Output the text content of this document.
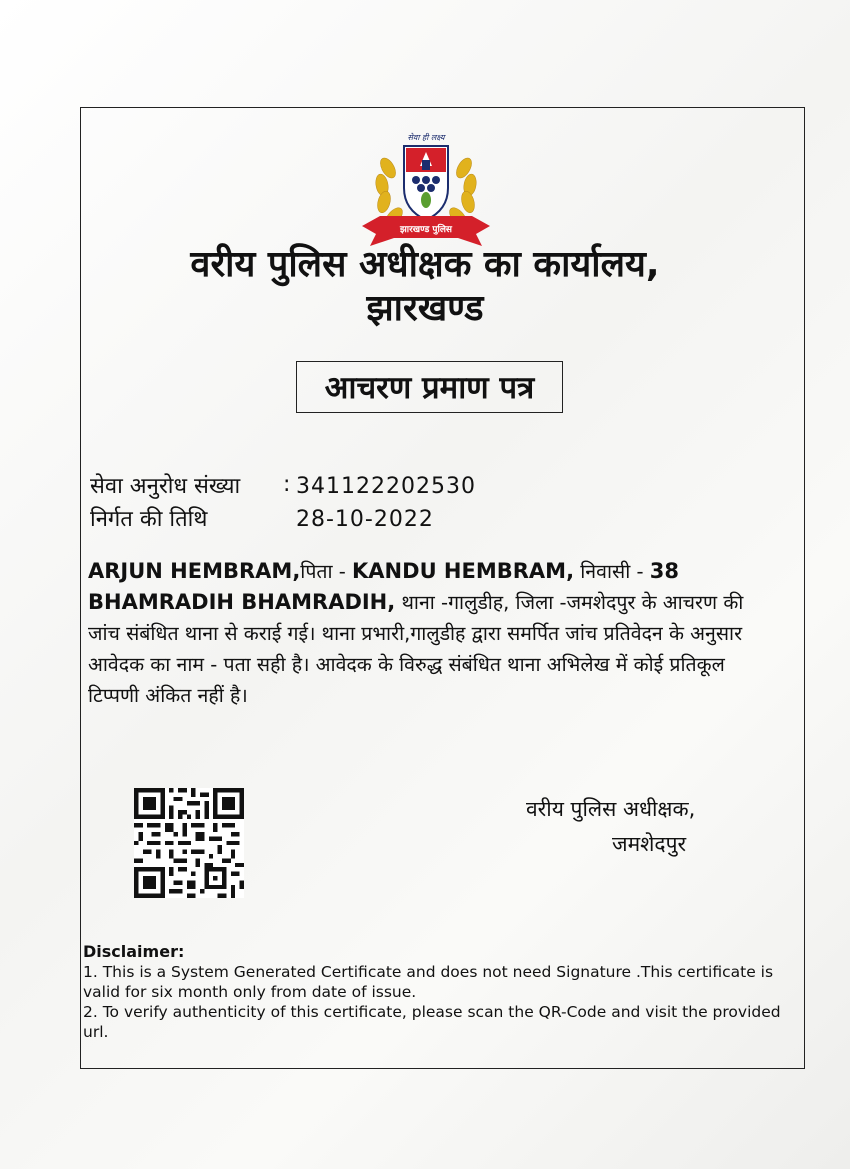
सेवा ही लक्ष्य
झारखण्ड पुलिस
वरीय पुलिस अधीक्षक का कार्यालय,
झारखण्ड
आचरण प्रमाण पत्र
सेवा अनुरोध संख्या : 341122202530
निर्गत की तिथि	28-10-2022
ARJUN HEMBRAM,पिता - KANDU HEMBRAM, निवासी - 38 BHAMRADIH BHAMRADIH, थाना -गालुडीह, जिला -जमशेदपुर के आचरण की जांच संबंधित थाना से कराई गई। थाना प्रभारी,गालुडीह द्वारा समर्पित जांच प्रतिवेदन के अनुसार आवेदक का नाम - पता सही है। आवेदक के विरुद्ध संबंधित थाना अभिलेख में कोई प्रतिकूल टिप्पणी अंकित नहीं है।
वरीय पुलिस अधीक्षक,
जमशेदपुर

Disclaimer:

1. This is a System Generated Certificate and does not need Signature .This certificate is valid for six month only from date of issue.

2. To verify authenticity of this certificate, please scan the QR-Code and visit the provided url.
